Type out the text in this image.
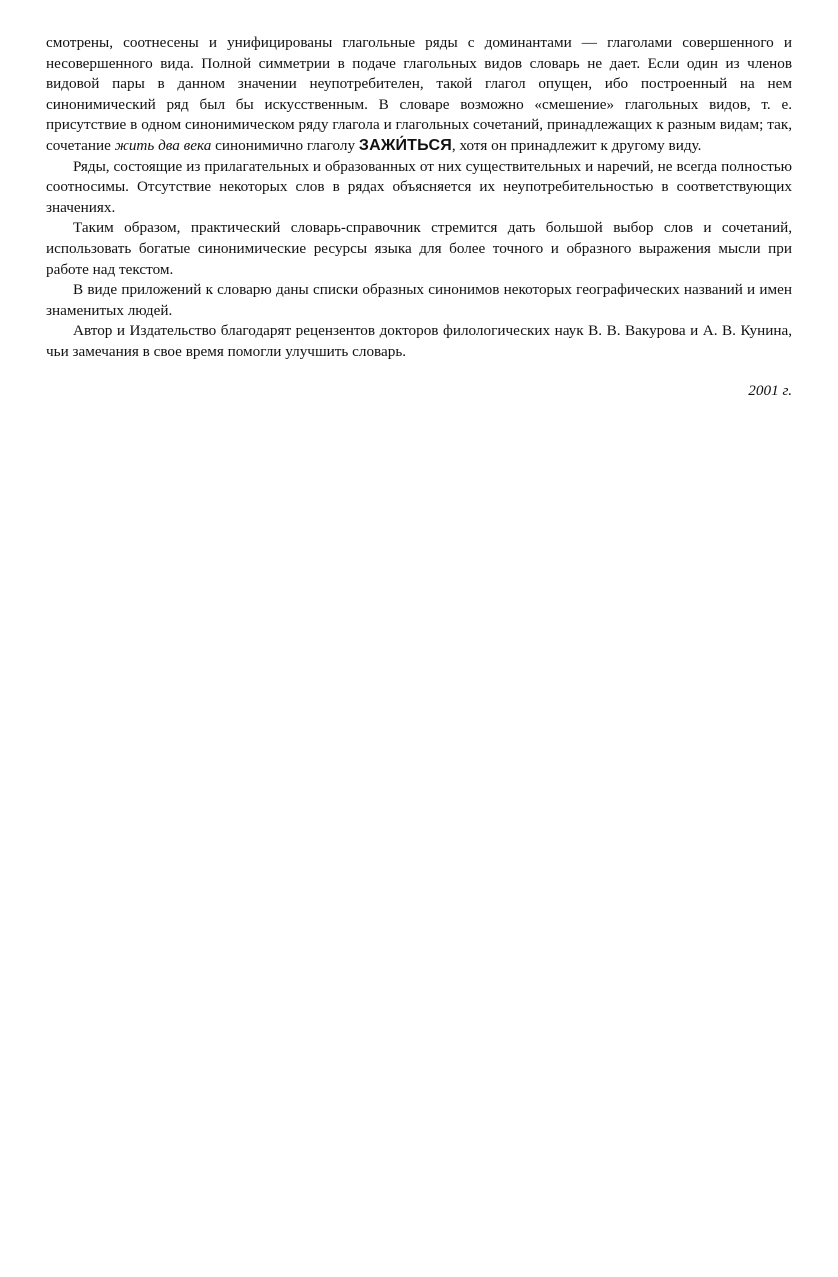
смотрены, соотнесены и унифицированы глагольные ряды с доминантами — глаголами совершенного и несовершенного вида. Полной симметрии в подаче глагольных видов словарь не дает. Если один из членов видовой пары в данном значении неупотребителен, такой глагол опущен, ибо построенный на нем синонимический ряд был бы искусственным. В словаре возможно «смешение» глагольных видов, т. е. присутствие в одном синонимическом ряду глагола и глагольных сочетаний, принадлежащих к разным видам; так, сочетание жить два века синонимично глаголу ЗАЖИ́ТЬСЯ, хотя он принадлежит к другому виду.

Ряды, состоящие из прилагательных и образованных от них существительных и наречий, не всегда полностью соотносимы. Отсутствие некоторых слов в рядах объясняется их неупотребительностью в соответствующих значениях.

Таким образом, практический словарь-справочник стремится дать большой выбор слов и сочетаний, использовать богатые синонимические ресурсы языка для более точного и образного выражения мысли при работе над текстом.

В виде приложений к словарю даны списки образных синонимов некоторых географических названий и имен знаменитых людей.

Автор и Издательство благодарят рецензентов докторов филологических наук В. В. Вакурова и А. В. Кунина, чьи замечания в свое время помогли улучшить словарь.

2001 г.
